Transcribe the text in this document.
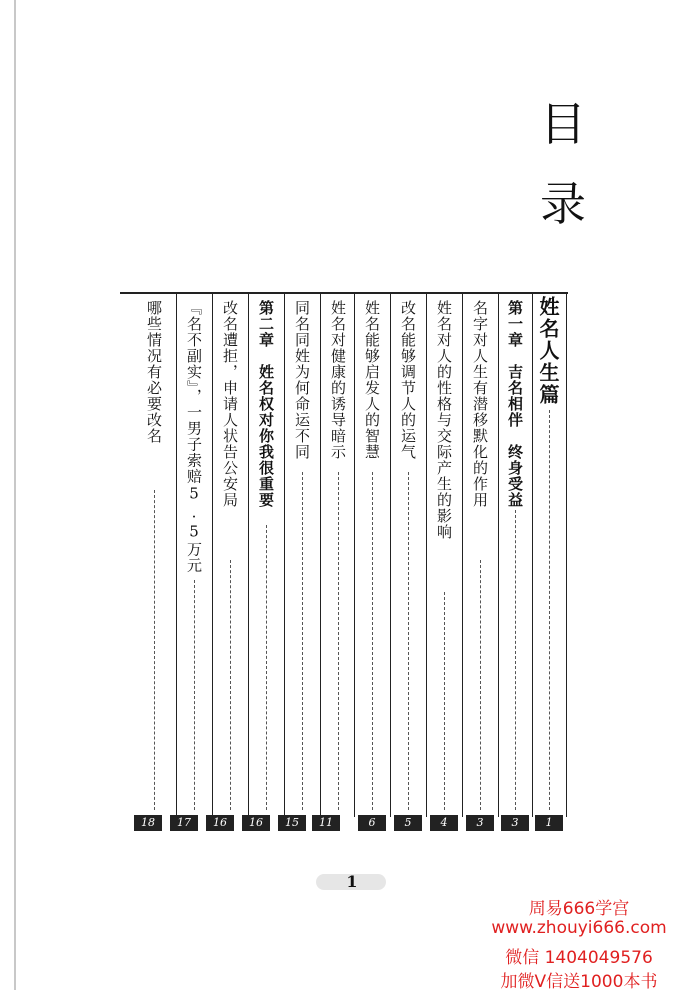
目
录
姓名人生篇
1
第一章　吉名相伴　终身受益
3
名字对人生有潜移默化的作用
3
姓名对人的性格与交际产生的影响
4
改名能够调节人的运气
5
姓名能够启发人的智慧
6
姓名对健康的诱导暗示
11
同名同姓为何命运不同
15
第二章　姓名权对你我很重要
16
改名遭拒，申请人状告公安局
16
『名不副实』，一男子索赔5.5万元
17
哪些情况有必要改名
18
1
周易666学宫
www.zhouyi666.com
微信 1404049576
加微V信送1000本书
